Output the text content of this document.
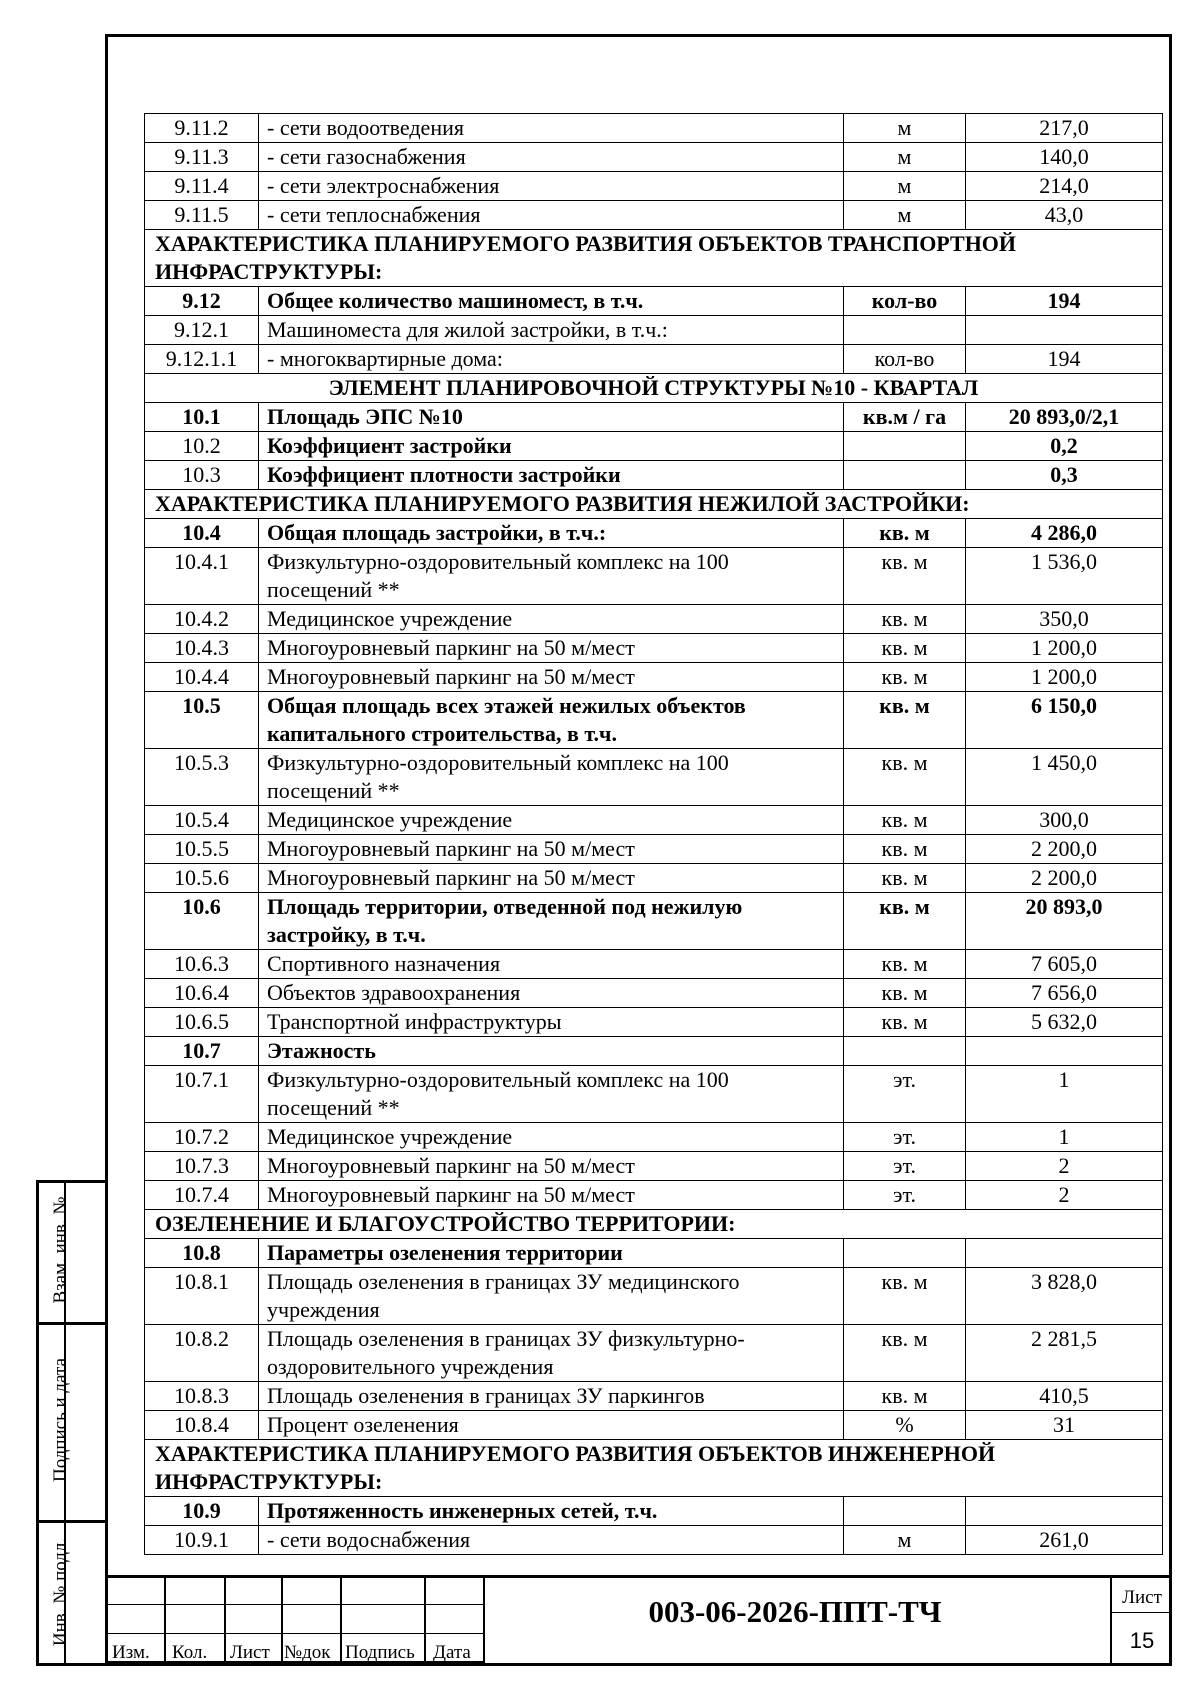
9.11.2	- сети водоотведения	м	217,0
9.11.3	- сети газоснабжения	м	140,0
9.11.4	- сети электроснабжения	м	214,0
9.11.5	- сети теплоснабжения	м	43,0
ХАРАКТЕРИСТИКА ПЛАНИРУЕМОГО РАЗВИТИЯ ОБЪЕКТОВ ТРАНСПОРТНОЙ ИНФРАСТРУКТУРЫ:			
9.12	Общее количество машиномест, в т.ч.	кол-во	194
9.12.1	Машиноместа для жилой застройки, в т.ч.:		
9.12.1.1	- многоквартирные дома:	кол-во	194
ЭЛЕМЕНТ ПЛАНИРОВОЧНОЙ СТРУКТУРЫ №10 - КВАРТАЛ			
10.1	Площадь ЭПС №10	кв.м / га	20 893,0/2,1
10.2	Коэффициент застройки		0,2
10.3	Коэффициент плотности застройки		0,3
ХАРАКТЕРИСТИКА ПЛАНИРУЕМОГО РАЗВИТИЯ НЕЖИЛОЙ ЗАСТРОЙКИ:			
10.4	Общая площадь застройки, в т.ч.:	кв. м	4 286,0
10.4.1	Физкультурно-оздоровительный комплекс на 100 посещений **	кв. м	1 536,0
10.4.2	Медицинское учреждение	кв. м	350,0
10.4.3	Многоуровневый паркинг на 50 м/мест	кв. м	1 200,0
10.4.4	Многоуровневый паркинг на 50 м/мест	кв. м	1 200,0
10.5	Общая площадь всех этажей нежилых объектов капитального строительства, в т.ч.	кв. м	6 150,0
10.5.3	Физкультурно-оздоровительный комплекс на 100 посещений **	кв. м	1 450,0
10.5.4	Медицинское учреждение	кв. м	300,0
10.5.5	Многоуровневый паркинг на 50 м/мест	кв. м	2 200,0
10.5.6	Многоуровневый паркинг на 50 м/мест	кв. м	2 200,0
10.6	Площадь территории, отведенной под нежилую застройку, в т.ч.	кв. м	20 893,0
10.6.3	Спортивного назначения	кв. м	7 605,0
10.6.4	Объектов здравоохранения	кв. м	7 656,0
10.6.5	Транспортной инфраструктуры	кв. м	5 632,0
10.7	Этажность		
10.7.1	Физкультурно-оздоровительный комплекс на 100 посещений **	эт.	1
10.7.2	Медицинское учреждение	эт.	1
10.7.3	Многоуровневый паркинг на 50 м/мест	эт.	2
10.7.4	Многоуровневый паркинг на 50 м/мест	эт.	2
ОЗЕЛЕНЕНИЕ И БЛАГОУСТРОЙСТВО ТЕРРИТОРИИ:			
10.8	Параметры озеленения территории		
10.8.1	Площадь озеленения в границах ЗУ медицинского учреждения	кв. м	3 828,0
10.8.2	Площадь озеленения в границах ЗУ физкультурно-оздоровительного учреждения	кв. м	2 281,5
10.8.3	Площадь озеленения в границах ЗУ паркингов	кв. м	410,5
10.8.4	Процент озеленения	%	31
ХАРАКТЕРИСТИКА ПЛАНИРУЕМОГО РАЗВИТИЯ ОБЪЕКТОВ ИНЖЕНЕРНОЙ ИНФРАСТРУКТУРЫ:			
10.9	Протяженность инженерных сетей, т.ч.		
10.9.1	- сети водоснабжения	м	261,0
Изм. Кол. Лист №док Подпись Дата
003-06-2026-ППТ-ТЧ	Лист
15
Взам. инв. №
Подпись и дата
Инв. № подл.
